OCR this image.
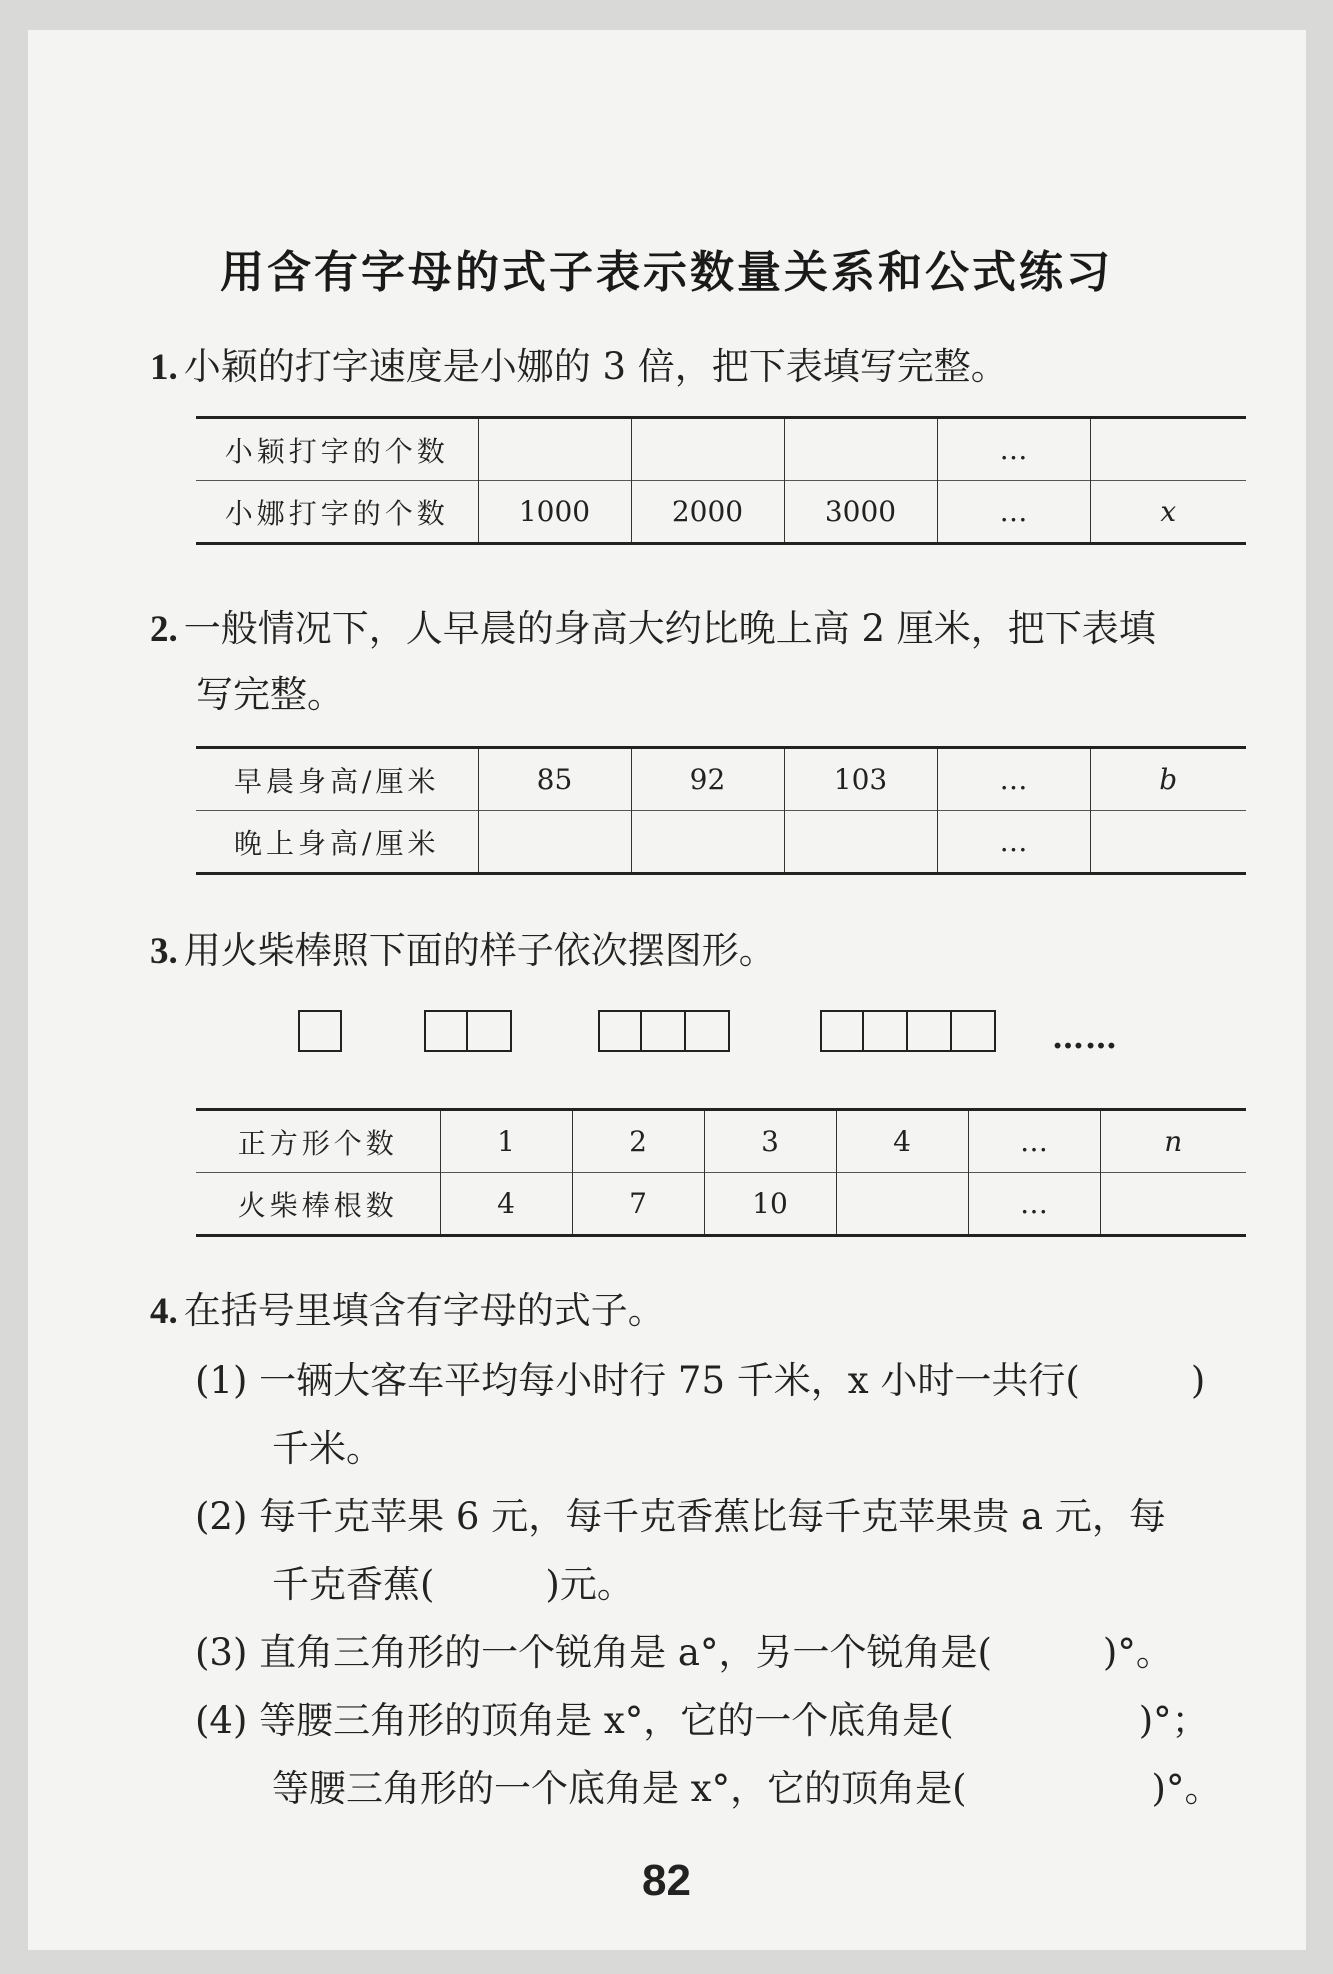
用含有字母的式子表示数量关系和公式练习
1. 小颖的打字速度是小娜的 3 倍，把下表填写完整。
小颖打字的个数				…	
小娜打字的个数	1000	2000	3000	…	x
2. 一般情况下，人早晨的身高大约比晚上高 2 厘米，把下表填
写完整。
早晨身高/厘米	85	92	103	…	b
晚上身高/厘米				…	
3. 用火柴棒照下面的样子依次摆图形。
……
正方形个数	1	2	3	4	…	n
火柴棒根数	4	7	10		…	
4. 在括号里填含有字母的式子。
(1) 一辆大客车平均每小时行 75 千米，x 小时一共行(　　　)
千米。
(2) 每千克苹果 6 元，每千克香蕉比每千克苹果贵 a 元，每
千克香蕉(　　　)元。
(3) 直角三角形的一个锐角是 a°，另一个锐角是(　　　)°。
(4) 等腰三角形的顶角是 x°，它的一个底角是(　　　　　)°；
等腰三角形的一个底角是 x°，它的顶角是(　　　　　)°。
82
